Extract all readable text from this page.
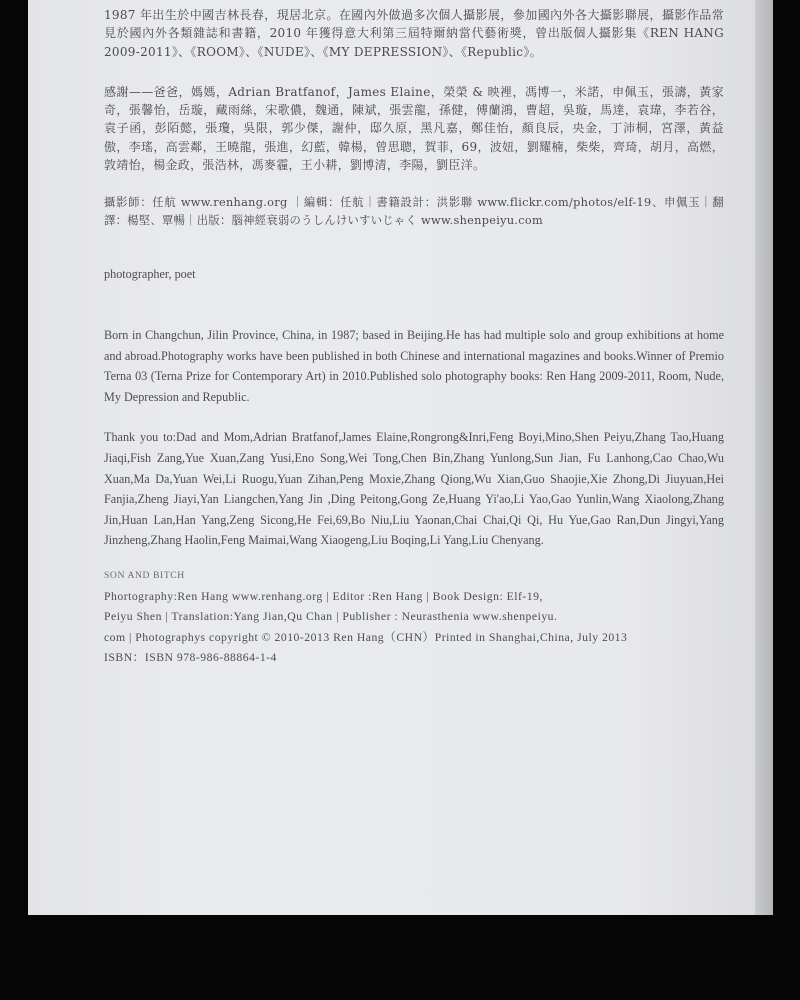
1987 年出生於中國吉林長春，現居北京。在國內外做過多次個人攝影展，參加國內外各大攝影聯展，攝影作品常見於國內外各類雜誌和書籍，2010 年獲得意大利第三屆特爾納當代藝術獎，曾出版個人攝影集《REN HANG 2009-2011》、《ROOM》、《NUDE》、《MY DEPRESSION》、《Republic》。

感謝——爸爸，媽媽，Adrian Bratfanof，James Elaine，榮榮 & 映裡，馮博一，米諾，申佩玉，張濤，黃家奇，張馨怡，岳璇，藏雨絲，宋歌儂，魏通，陳斌，張雲龍，孫健，傅蘭鴻，曹超，吳璇，馬達，袁瑋，李若谷，袁子函，彭陌懿，張瓊，吳限，郭少傑，謝仲，邸久原，黑凡嘉，鄭佳怡，顏良辰，央金，丁沛桐，宮澤，黃益傲，李瑤，高雲鄰，王曉龍，張進，幻藍，韓楊，曾思聰，賀菲，69，波妞，劉耀楠，柴柴，齊琦，胡月，高燃，敦靖怡，楊金政，張浩林，馮麥霾，王小耕，劉博清，李陽，劉臣洋。

攝影師：任航 www.renhang.org ｜編輯：任航｜書籍設計：洪影聯 www.flickr.com/photos/elf-19、申佩玉｜翻譯：楊堅、覃暢｜出版：腦神經衰弱のうしんけいすいじゃく www.shenpeiyu.com

photographer, poet

Born in Changchun, Jilin Province, China, in 1987; based in Beijing.He has had multiple solo and group exhibitions at home and abroad.Photography works have been published in both Chinese and international magazines and books.Winner of Premio Terna 03 (Terna Prize for Contemporary Art) in 2010.Published solo photography books: Ren Hang 2009-2011, Room, Nude, My Depression and Republic.

Thank you to:Dad and Mom,Adrian Bratfanof,James Elaine,Rongrong&Inri,Feng Boyi,Mino,Shen Peiyu,Zhang Tao,Huang Jiaqi,Fish Zang,Yue Xuan,Zang Yusi,Eno Song,Wei Tong,Chen Bin,Zhang Yunlong,Sun Jian, Fu Lanhong,Cao Chao,Wu Xuan,Ma Da,Yuan Wei,Li Ruogu,Yuan Zihan,Peng Moxie,Zhang Qiong,Wu Xian,Guo Shaojie,Xie Zhong,Di Jiuyuan,Hei Fanjia,Zheng Jiayi,Yan Liangchen,Yang Jin ,Ding Peitong,Gong Ze,Huang Yi'ao,Li Yao,Gao Yunlin,Wang Xiaolong,Zhang Jin,Huan Lan,Han Yang,Zeng Sicong,He Fei,69,Bo Niu,Liu Yaonan,Chai Chai,Qi Qi, Hu Yue,Gao Ran,Dun Jingyi,Yang Jinzheng,Zhang Haolin,Feng Maimai,Wang Xiaogeng,Liu Boqing,Li Yang,Liu Chenyang.

SON AND BITCH

Phortography:Ren Hang www.renhang.org | Editor :Ren Hang | Book Design: Elf-19,
Peiyu Shen | Translation:Yang Jian,Qu Chan | Publisher : Neurasthenia www.shenpeiyu.
com | Photographys copyright © 2010-2013 Ren Hang（CHN）Printed in Shanghai,China, July 2013
ISBN：ISBN 978-986-88864-1-4
